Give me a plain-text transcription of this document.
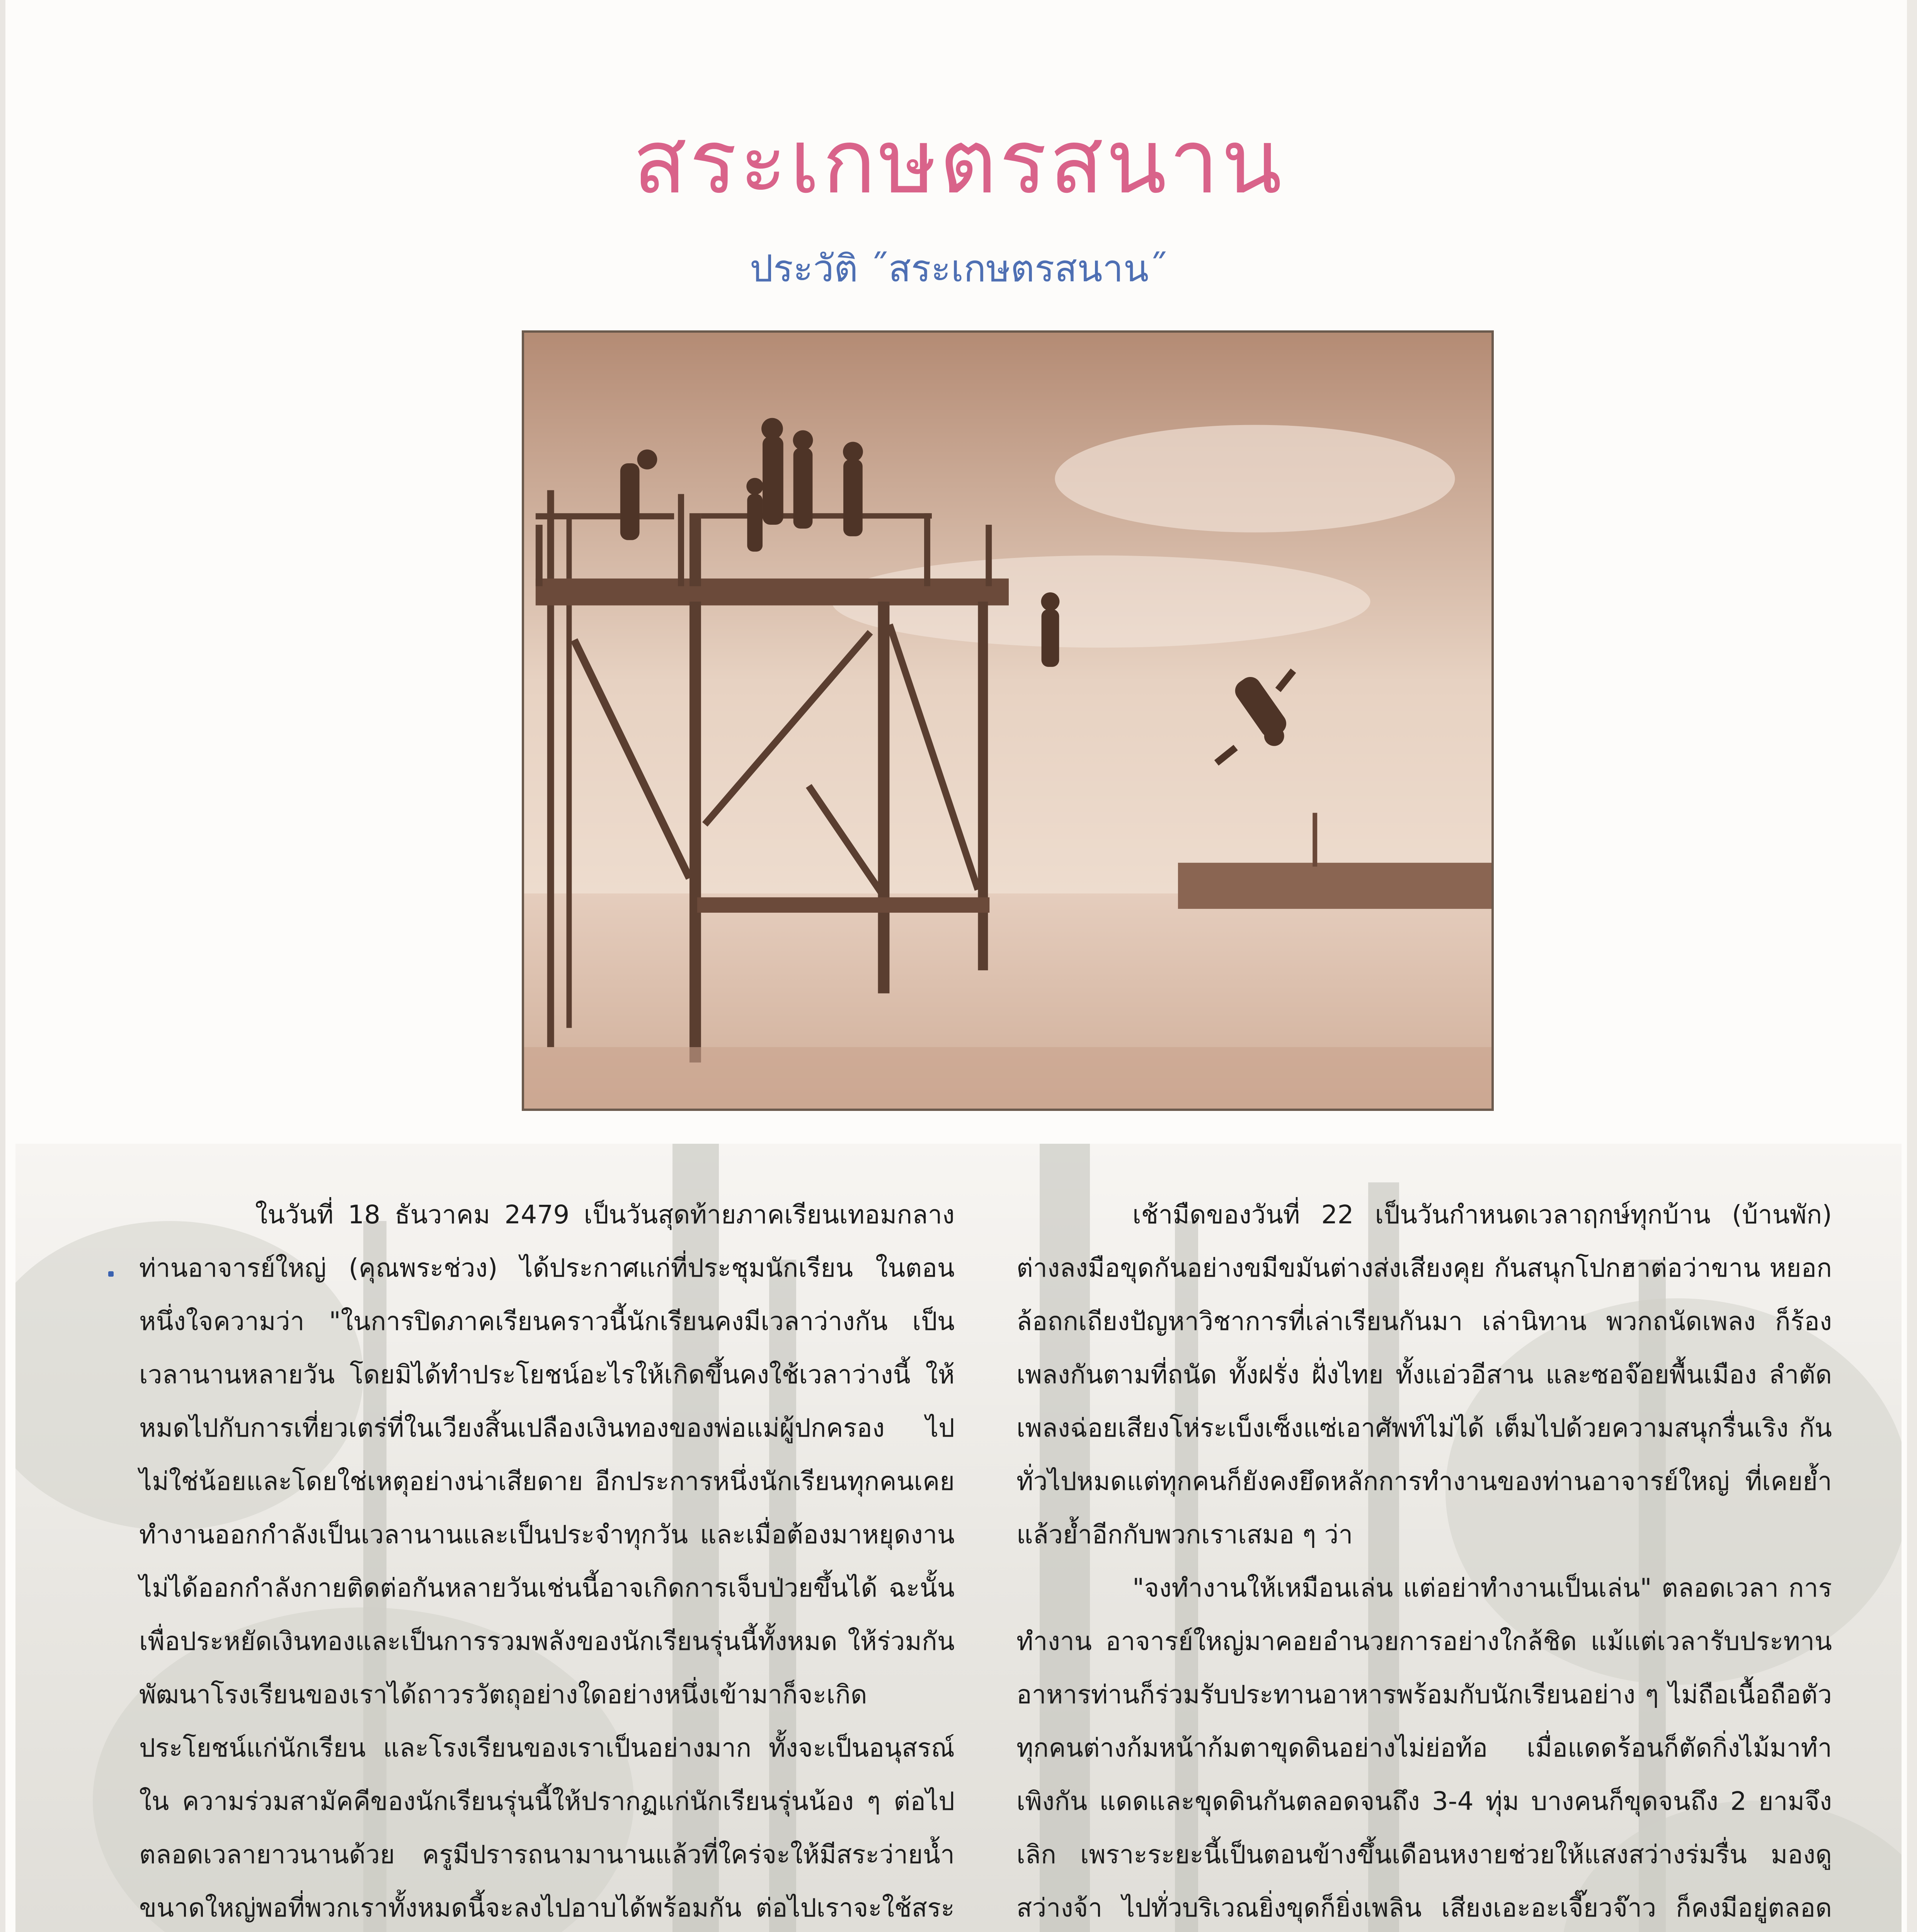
สระเกษตรสนาน
ประวัติ ˝สระเกษตรสนาน˝

ในวันที่ 18 ธันวาคม 2479 เป็นวันสุดท้ายภาคเรียนเทอมกลาง ท่านอาจารย์ใหญ่ (คุณพระช่วง) ได้ประกาศแก่ที่ประชุมนักเรียน ในตอนหนึ่งใจความว่า "ในการปิดภาคเรียนคราวนี้นักเรียนคงมีเวลาว่างกัน เป็นเวลานานหลายวัน โดยมิได้ทำประโยชน์อะไรให้เกิดขึ้นคงใช้เวลาว่างนี้ ให้หมดไปกับการเที่ยวเตร่ที่ในเวียงสิ้นเปลืองเงินทองของพ่อแม่ผู้ปกครอง ไปไม่ใช่น้อยและโดยใช่เหตุอย่างน่าเสียดาย อีกประการหนึ่งนักเรียนทุกคนเคย ทำงานออกกำลังเป็นเวลานานและเป็นประจำทุกวัน และเมื่อต้องมาหยุดงาน ไม่ได้ออกกำลังกายติดต่อกันหลายวันเช่นนี้อาจเกิดการเจ็บป่วยขึ้นได้ ฉะนั้น เพื่อประหยัดเงินทองและเป็นการรวมพลังของนักเรียนรุ่นนี้ทั้งหมด ให้ร่วมกันพัฒนาโรงเรียนของเราได้ถาวรวัตถุอย่างใดอย่างหนึ่งเข้ามาก็จะเกิด ประโยชน์แก่นักเรียน และโรงเรียนของเราเป็นอย่างมาก ทั้งจะเป็นอนุสรณ์ใน ความร่วมสามัคคีของนักเรียนรุ่นนี้ให้ปรากฏแก่นักเรียนรุ่นน้อง ๆ ต่อไป ตลอดเวลายาวนานด้วย ครูมีปรารถนามานานแล้วที่ใคร่จะให้มีสระว่ายน้ำ ขนาดใหญ่พอที่พวกเราทั้งหมดนี้จะลงไปอาบได้พร้อมกัน ต่อไปเราจะใช้สระ

เช้ามืดของวันที่ 22 เป็นวันกำหนดเวลาฤกษ์ทุกบ้าน (บ้านพัก) ต่างลงมือขุดกันอย่างขมีขมันต่างส่งเสียงคุย กันสนุกโปกฮาต่อว่าขาน หยอกล้อถกเถียงปัญหาวิชาการที่เล่าเรียนกันมา เล่านิทาน พวกถนัดเพลง ก็ร้องเพลงกันตามที่ถนัด ทั้งฝรั่ง ฝั่งไทย ทั้งแอ่วอีสาน และซอจ๊อยพื้นเมือง ลำตัด เพลงฉ่อยเสียงโห่ระเบ็งเซ็งแซ่เอาศัพท์ไม่ได้ เต็มไปด้วยความสนุกรื่นเริง กันทั่วไปหมดแต่ทุกคนก็ยังคงยึดหลักการทำงานของท่านอาจารย์ใหญ่ ที่เคยย้ำแล้วย้ำอีกกับพวกเราเสมอ ๆ ว่า

"จงทำงานให้เหมือนเล่น แต่อย่าทำงานเป็นเล่น" ตลอดเวลา การทำงาน อาจารย์ใหญ่มาคอยอำนวยการอย่างใกล้ชิด แม้แต่เวลารับประทาน อาหารท่านก็ร่วมรับประทานอาหารพร้อมกับนักเรียนอย่าง ๆ ไม่ถือเนื้อถือตัว ทุกคนต่างก้มหน้าก้มตาขุดดินอย่างไม่ย่อท้อ เมื่อแดดร้อนก็ตัดกิ่งไม้มาทำเพิงกัน แดดและขุดดินกันตลอดจนถึง 3-4 ทุ่ม บางคนก็ขุดจนถึง 2 ยามจึงเลิก เพราะระยะนี้เป็นตอนข้างขึ้นเดือนหงายช่วยให้แสงสว่างร่มรื่น มองดูสว่างจ้า ไปทั่วบริเวณยิ่งขุดก็ยิ่งเพลิน เสียงเอะอะเจี๊ยวจ๊าว ก็คงมีอยู่ตลอด
